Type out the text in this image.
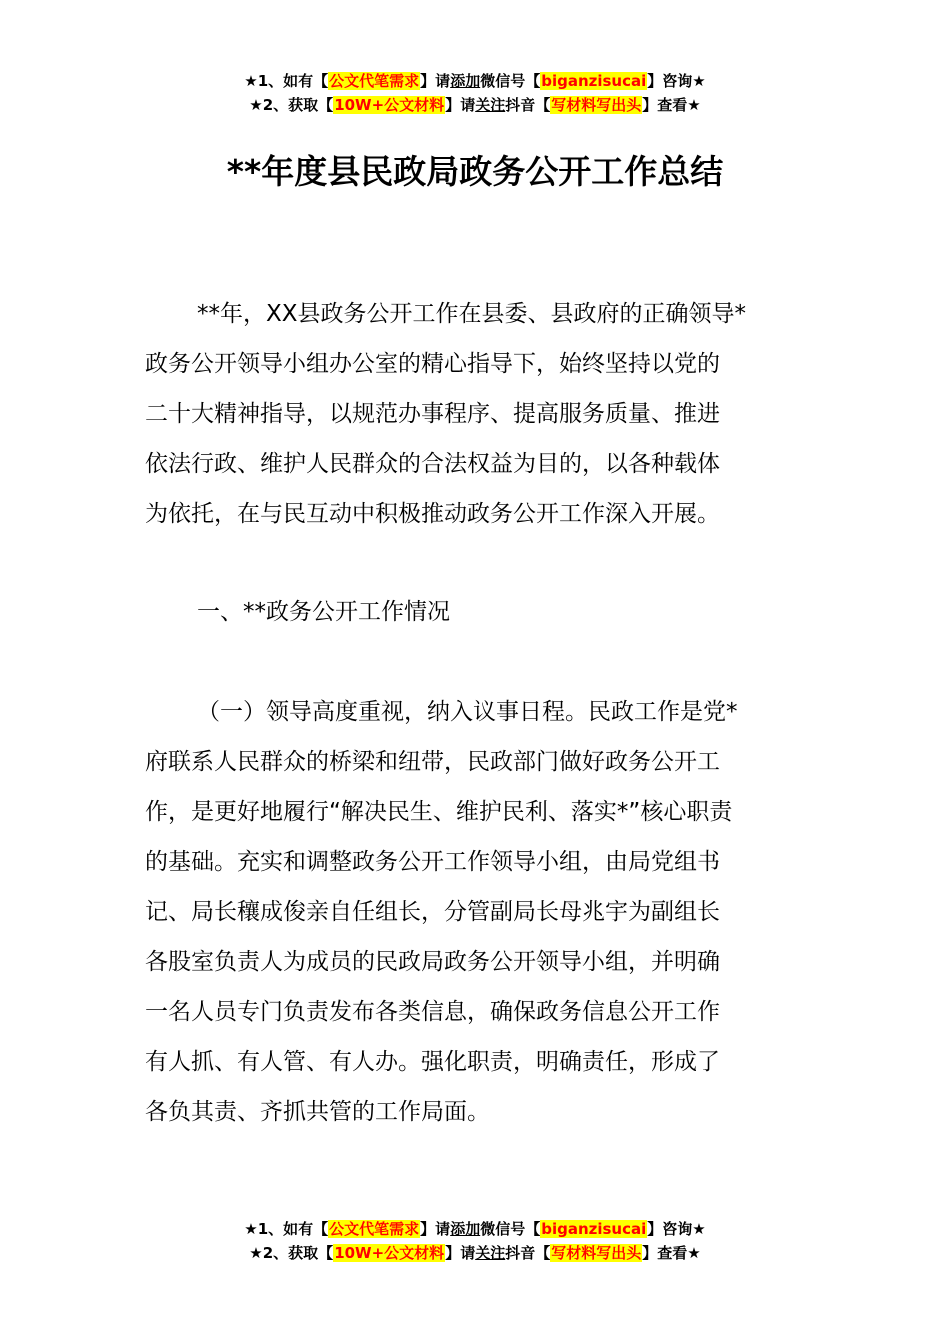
★1、如有【公文代笔需求】请添加微信号【biganzisucai】咨询★
★2、获取【10W+公文材料】请关注抖音【写材料写出头】查看★
**年度县民政局政务公开工作总结
**年，XX县政务公开工作在县委、县政府的正确领导*
政务公开领导小组办公室的精心指导下，始终坚持以党的
二十大精神指导，以规范办事程序、提高服务质量、推进
依法行政、维护人民群众的合法权益为目的，以各种载体
为依托，在与民互动中积极推动政务公开工作深入开展。
一、**政务公开工作情况
（一）领导高度重视，纳入议事日程。民政工作是党*
府联系人民群众的桥梁和纽带，民政部门做好政务公开工
作，是更好地履行“解决民生、维护民利、落实*”核心职责
的基础。充实和调整政务公开工作领导小组，由局党组书
记、局长穰成俊亲自任组长，分管副局长母兆宇为副组长
各股室负责人为成员的民政局政务公开领导小组，并明确
一名人员专门负责发布各类信息，确保政务信息公开工作
有人抓、有人管、有人办。强化职责，明确责任，形成了
各负其责、齐抓共管的工作局面。
★1、如有【公文代笔需求】请添加微信号【biganzisucai】咨询★
★2、获取【10W+公文材料】请关注抖音【写材料写出头】查看★
